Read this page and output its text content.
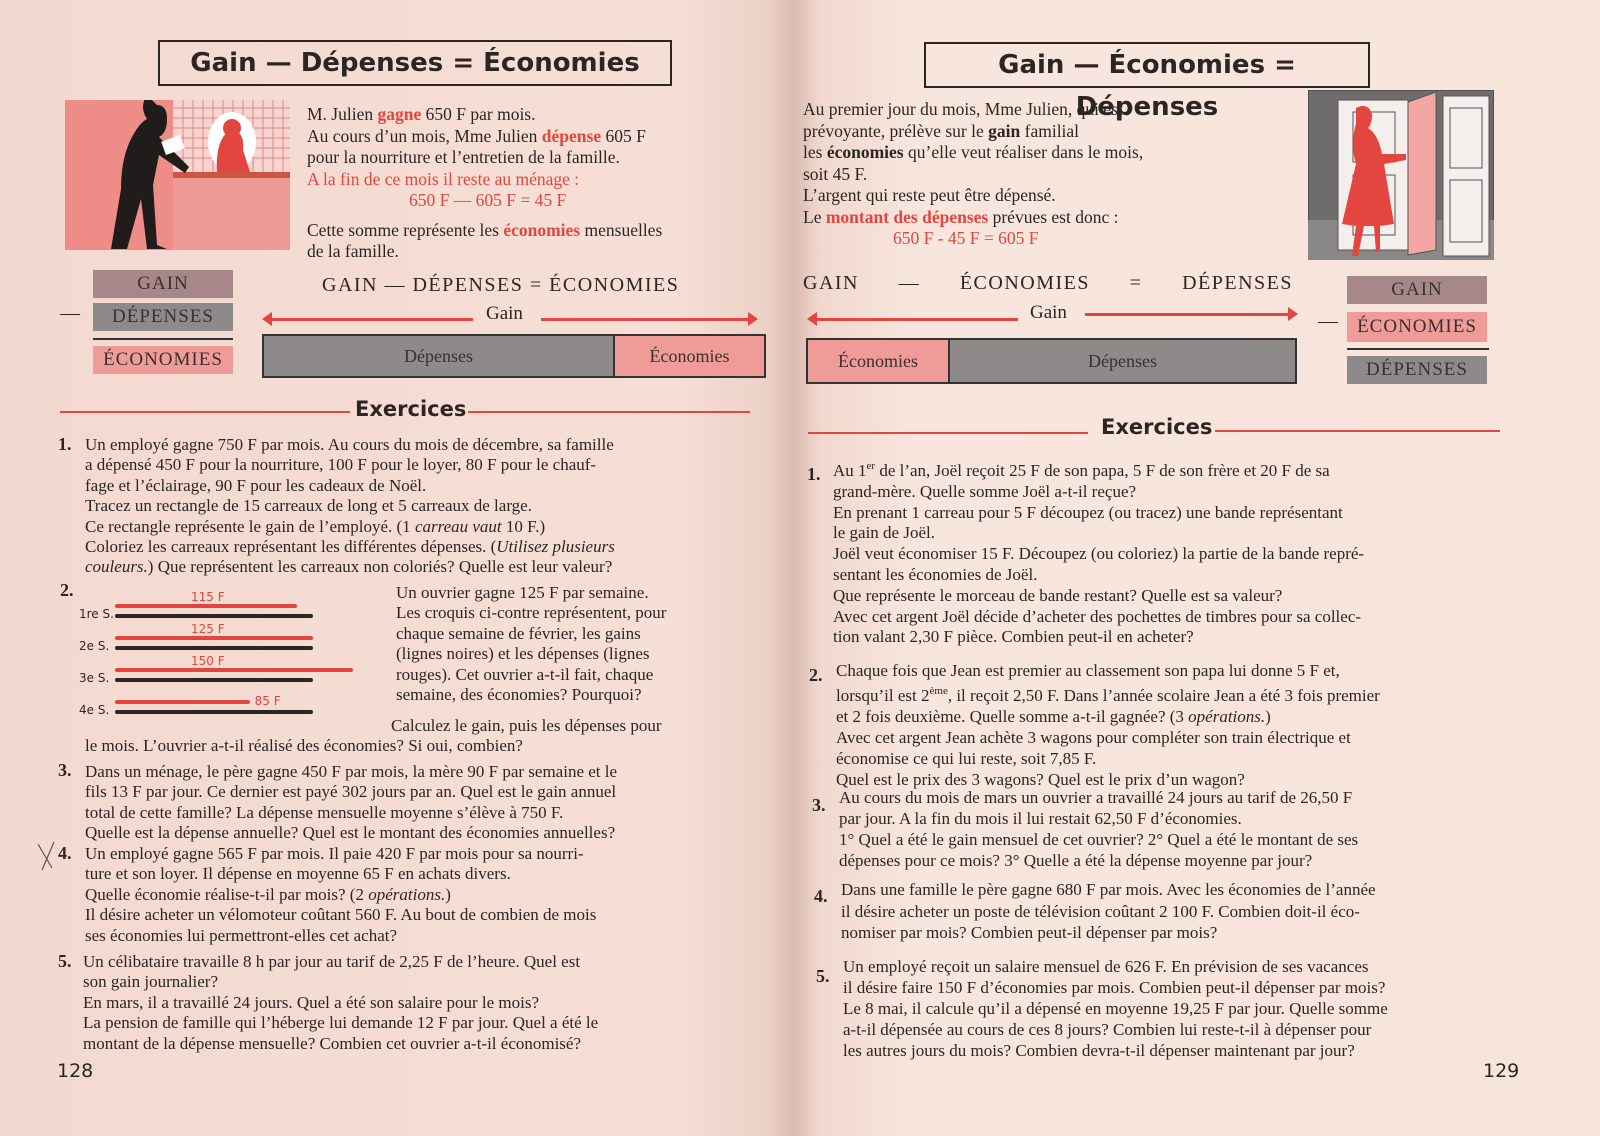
Gain — Dépenses = Économies
M. Julien gagne 650 F par mois.
Au cours d’un mois, Mme Julien dépense 605 F
pour la nourriture et l’entretien de la famille.
A la fin de ce mois il reste au ménage :
650 F — 605 F = 45 F
Cette somme représente les économies mensuelles
de la famille.
GAIN
—	DÉPENSES
ÉCONOMIES
GAIN — DÉPENSES = ÉCONOMIES
Gain
Dépenses	Économies
Exercices
1. Un employé gagne 750 F par mois. Au cours du mois de décembre, sa famille
a dépensé 450 F pour la nourriture, 100 F pour le loyer, 80 F pour le chauf-
fage et l’éclairage, 90 F pour les cadeaux de Noël.
Tracez un rectangle de 15 carreaux de long et 5 carreaux de large.
Ce rectangle représente le gain de l’employé. (1 carreau vaut 10 F.)
Coloriez les carreaux représentant les différentes dépenses. (Utilisez plusieurs
couleurs.) Que représentent les carreaux non coloriés? Quelle est leur valeur?
2.
1re S.
115 F
2e S.
125 F
3e S.
150 F
4e S.
85 F
Un ouvrier gagne 125 F par semaine.
Les croquis ci-contre représentent, pour
chaque semaine de février, les gains
(lignes noires) et les dépenses (lignes
rouges). Cet ouvrier a-t-il fait, chaque
semaine, des économies? Pourquoi?
Calculez le gain, puis les dépenses pour
le mois. L’ouvrier a-t-il réalisé des économies? Si oui, combien?
3. Dans un ménage, le père gagne 450 F par mois, la mère 90 F par semaine et le
fils 13 F par jour. Ce dernier est payé 302 jours par an. Quel est le gain annuel
total de cette famille? La dépense mensuelle moyenne s’élève à 750 F.
Quelle est la dépense annuelle? Quel est le montant des économies annuelles?
4. Un employé gagne 565 F par mois. Il paie 420 F par mois pour sa nourri-
ture et son loyer. Il dépense en moyenne 65 F en achats divers.
Quelle économie réalise-t-il par mois? (2 opérations.)
Il désire acheter un vélomoteur coûtant 560 F. Au bout de combien de mois
ses économies lui permettront-elles cet achat?
5. Un célibataire travaille 8 h par jour au tarif de 2,25 F de l’heure. Quel est
son gain journalier?
En mars, il a travaillé 24 jours. Quel a été son salaire pour le mois?
La pension de famille qui l’héberge lui demande 12 F par jour. Quel a été le
montant de la dépense mensuelle? Combien cet ouvrier a-t-il économisé?
128
Gain — Économies = Dépenses
Au premier jour du mois, Mme Julien, qui est
prévoyante, prélève sur le gain familial
les économies qu’elle veut réaliser dans le mois,
soit 45 F.
L’argent qui reste peut être dépensé.
Le montant des dépenses prévues est donc :
650 F - 45 F = 605 F
GAIN — ÉCONOMIES = DÉPENSES
Gain
Économies	Dépenses
GAIN
—	ÉCONOMIES
DÉPENSES
Exercices
1. Au 1er de l’an, Joël reçoit 25 F de son papa, 5 F de son frère et 20 F de sa
grand-mère. Quelle somme Joël a-t-il reçue?
En prenant 1 carreau pour 5 F découpez (ou tracez) une bande représentant
le gain de Joël.
Joël veut économiser 15 F. Découpez (ou coloriez) la partie de la bande repré-
sentant les économies de Joël.
Que représente le morceau de bande restant? Quelle est sa valeur?
Avec cet argent Joël décide d’acheter des pochettes de timbres pour sa collec-
tion valant 2,30 F pièce. Combien peut-il en acheter?
2. Chaque fois que Jean est premier au classement son papa lui donne 5 F et,
lorsqu’il est 2ème, il reçoit 2,50 F. Dans l’année scolaire Jean a été 3 fois premier
et 2 fois deuxième. Quelle somme a-t-il gagnée? (3 opérations.)
Avec cet argent Jean achète 3 wagons pour compléter son train électrique et
économise ce qui lui reste, soit 7,85 F.
Quel est le prix des 3 wagons? Quel est le prix d’un wagon?
3. Au cours du mois de mars un ouvrier a travaillé 24 jours au tarif de 26,50 F
par jour. A la fin du mois il lui restait 62,50 F d’économies.
1° Quel a été le gain mensuel de cet ouvrier? 2° Quel a été le montant de ses
dépenses pour ce mois? 3° Quelle a été la dépense moyenne par jour?
4. Dans une famille le père gagne 680 F par mois. Avec les économies de l’année
il désire acheter un poste de télévision coûtant 2 100 F. Combien doit-il éco-
nomiser par mois? Combien peut-il dépenser par mois?
5. Un employé reçoit un salaire mensuel de 626 F. En prévision de ses vacances
il désire faire 150 F d’économies par mois. Combien peut-il dépenser par mois?
Le 8 mai, il calcule qu’il a dépensé en moyenne 19,25 F par jour. Quelle somme
a-t-il dépensée au cours de ces 8 jours? Combien lui reste-t-il à dépenser pour
les autres jours du mois? Combien devra-t-il dépenser maintenant par jour?
129
